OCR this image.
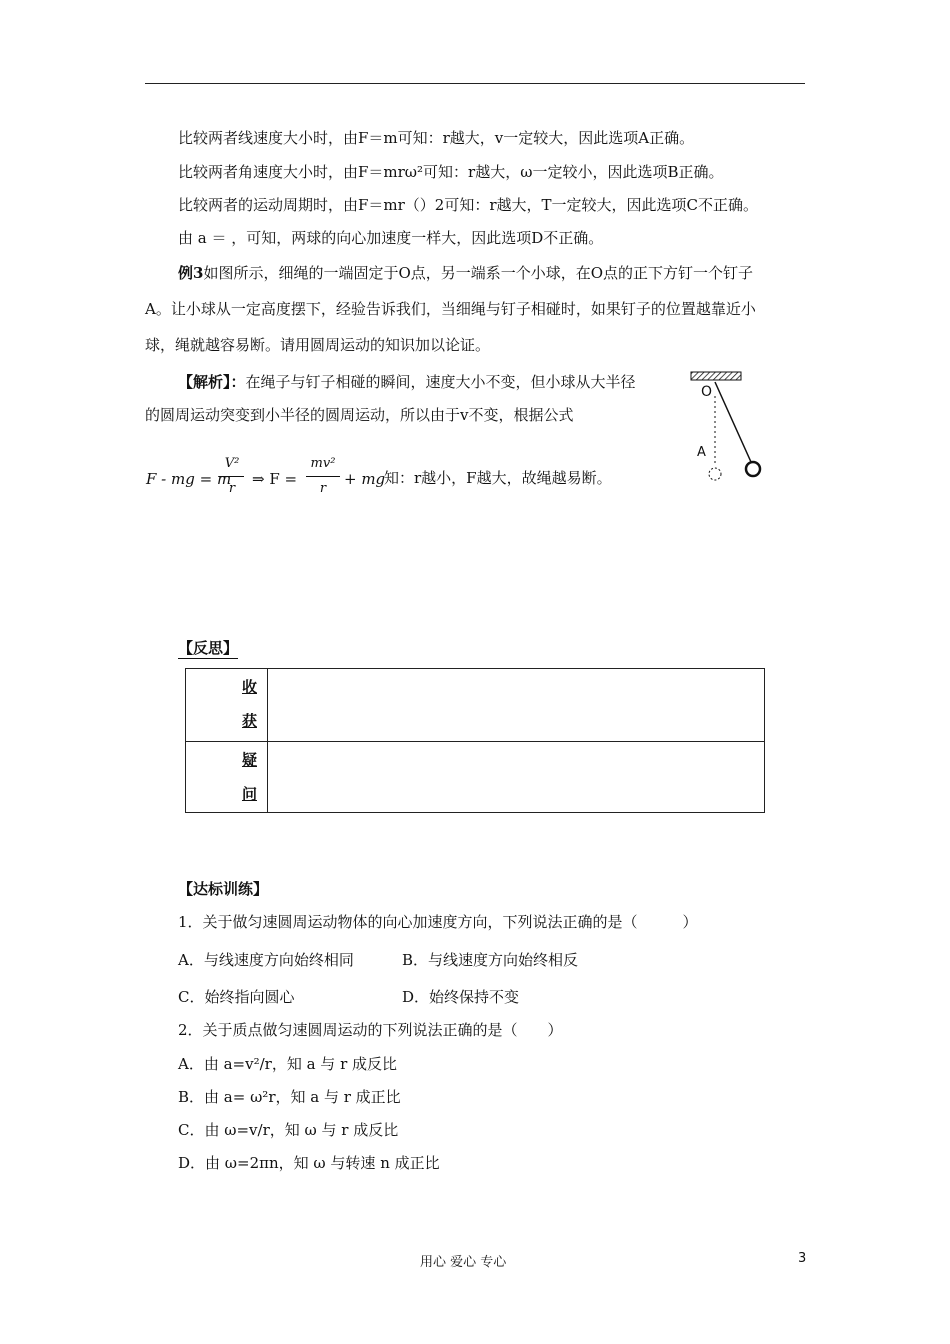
比较两者线速度大小时，由F＝m可知：r越大，v一定较大，因此选项A正确。
比较两者角速度大小时，由F＝mrω²可知：r越大，ω一定较小，因此选项B正确。
比较两者的运动周期时，由F＝mr（）2可知：r越大，T一定较大，因此选项C不正确。
由 a ＝ ，可知，两球的向心加速度一样大，因此选项D不正确。
例3如图所示，细绳的一端固定于O点，另一端系一个小球，在O点的正下方钉一个钉子
A。让小球从一定高度摆下，经验告诉我们，当细绳与钉子相碰时，如果钉子的位置越靠近小
球，绳就越容易断。请用圆周运动的知识加以论证。
【解析】：在绳子与钉子相碰的瞬间，速度大小不变，但小球从大半径
的圆周运动突变到小半径的圆周运动，所以由于v不变，根据公式
F - mg = m
V²
r
⇒ F =
mv²
r
+ mg
知：r越小，F越大，故绳越易断。
O
A
【反思】
收
获	

疑
问	

【达标训练】
1．关于做匀速圆周运动物体的向心加速度方向，下列说法正确的是（　　　）
A．与线速度方向始终相同	B．与线速度方向始终相反
C．始终指向圆心	D．始终保持不变
2．关于质点做匀速圆周运动的下列说法正确的是（　　）
A．由 a=v²/r，知 a 与 r 成反比
B．由 a= ω²r，知 a 与 r 成正比
C．由 ω=v/r，知 ω 与 r 成反比
D．由 ω=2πn，知 ω 与转速 n 成正比
用心 爱心 专心	3
